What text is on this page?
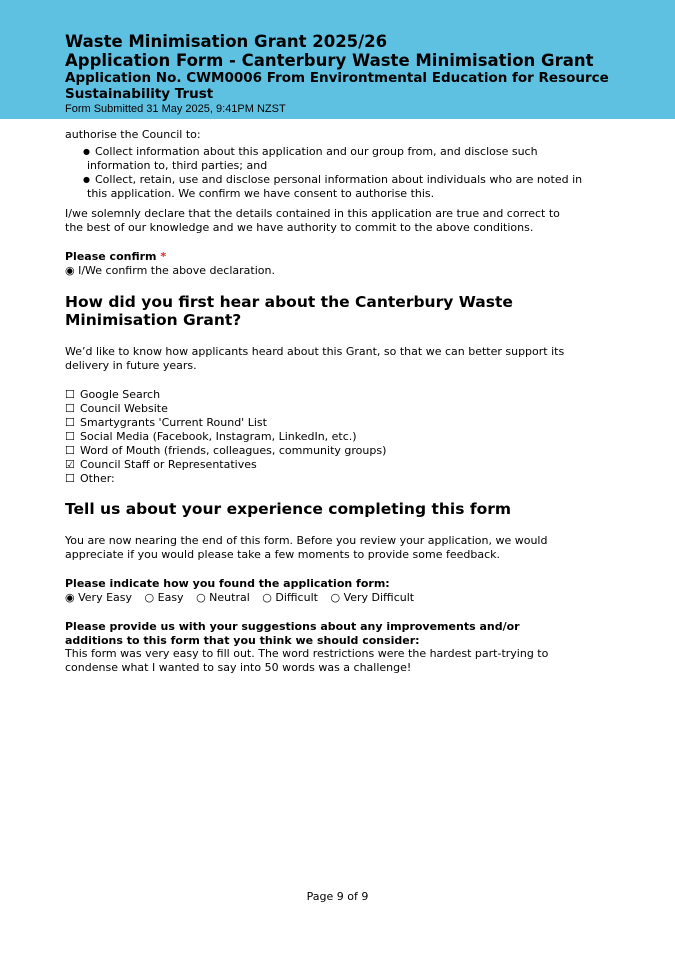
Waste Minimisation Grant 2025/26

Application Form - Canterbury Waste Minimisation Grant

Application No. CWM0006 From Environtmental Education for Resource

Sustainability Trust

Form Submitted 31 May 2025, 9:41PM NZST

authorise the Council to:

● Collect information about this application and our group from, and disclose such

information to, third parties; and

● Collect, retain, use and disclose personal information about individuals who are noted in

this application. We confirm we have consent to authorise this.

I/we solemnly declare that the details contained in this application are true and correct to

the best of our knowledge and we have authority to commit to the above conditions.

Please confirm *

◉ I/We confirm the above declaration.

How did you first hear about the Canterbury Waste

Minimisation Grant?

We’d like to know how applicants heard about this Grant, so that we can better support its

delivery in future years.

☐ Google Search

☐ Council Website

☐ Smartygrants 'Current Round' List

☐ Social Media (Facebook, Instagram, LinkedIn, etc.)

☐ Word of Mouth (friends, colleagues, community groups)

☑ Council Staff or Representatives

☐ Other:

Tell us about your experience completing this form

You are now nearing the end of this form. Before you review your application, we would

appreciate if you would please take a few moments to provide some feedback.

Please indicate how you found the application form:

◉ Very Easy ○ Easy ○ Neutral ○ Difficult ○ Very Difficult

Please provide us with your suggestions about any improvements and/or

additions to this form that you think we should consider:

This form was very easy to fill out. The word restrictions were the hardest part-trying to

condense what I wanted to say into 50 words was a challenge!

Page 9 of 9
